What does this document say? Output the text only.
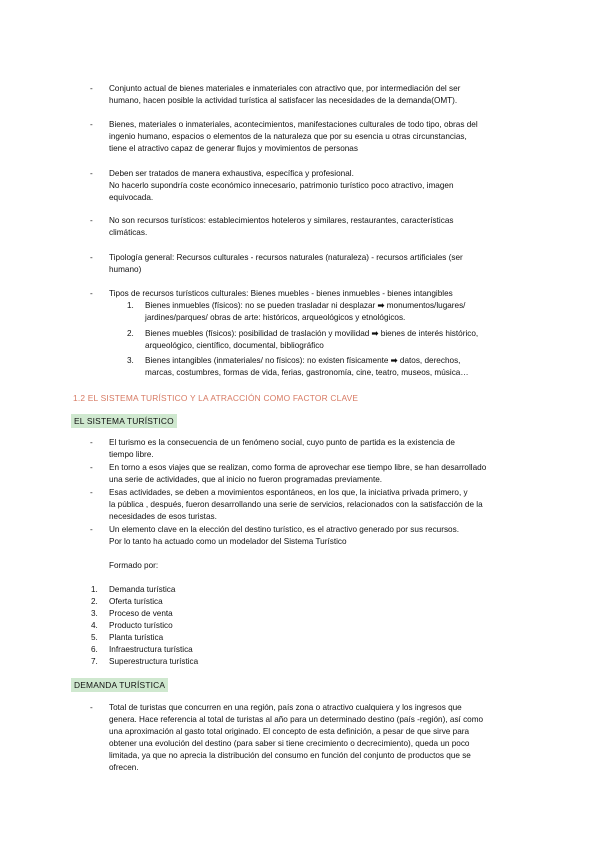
- Conjunto actual de bienes materiales e inmateriales con atractivo que, por intermediación del ser
humano, hacen posible la actividad turística al satisfacer las necesidades de la demanda(OMT).
- Bienes, materiales o inmateriales, acontecimientos, manifestaciones culturales de todo tipo, obras del
ingenio humano, espacios o elementos de la naturaleza que por su esencia u otras circunstancias,
tiene el atractivo capaz de generar flujos y movimientos de personas
- Deben ser tratados de manera exhaustiva, específica y profesional.
No hacerlo supondría coste económico innecesario, patrimonio turístico poco atractivo, imagen
equivocada.
- No son recursos turísticos: establecimientos hoteleros y similares, restaurantes, características
climáticas.
- Tipología general: Recursos culturales - recursos naturales (naturaleza) - recursos artificiales (ser
humano)
- Tipos de recursos turísticos culturales: Bienes muebles - bienes inmuebles - bienes intangibles
1. Bienes inmuebles (físicos): no se pueden trasladar ni desplazar ➡ monumentos/lugares/
jardines/parques/ obras de arte: históricos, arqueológicos y etnológicos.
2. Bienes muebles (físicos): posibilidad de traslación y movilidad ➡ bienes de interés histórico,
arqueológico, científico, documental, bibliográfico
3. Bienes intangibles (inmateriales/ no físicos): no existen físicamente ➡ datos, derechos,
marcas, costumbres, formas de vida, ferias, gastronomía, cine, teatro, museos, música…
1.2 EL SISTEMA TURÍSTICO Y LA ATRACCIÓN COMO FACTOR CLAVE
EL SISTEMA TURÍSTICO
- El turismo es la consecuencia de un fenómeno social, cuyo punto de partida es la existencia de
tiempo libre.
- En torno a esos viajes que se realizan, como forma de aprovechar ese tiempo libre, se han desarrollado
una serie de actividades, que al inicio no fueron programadas previamente.
- Esas actividades, se deben a movimientos espontáneos, en los que, la iniciativa privada primero, y
la pública , después, fueron desarrollando una serie de servicios, relacionados con la satisfacción de la
necesidades de esos turistas.
- Un elemento clave en la elección del destino turístico, es el atractivo generado por sus recursos.
Por lo tanto ha actuado como un modelador del Sistema Turístico
Formado por:
1. Demanda turística
2. Oferta turística
3. Proceso de venta
4. Producto turístico
5. Planta turística
6. Infraestructura turística
7. Superestructura turística
DEMANDA TURÍSTICA
- Total de turistas que concurren en una región, país zona o atractivo cualquiera y los ingresos que
genera. Hace referencia al total de turistas al año para un determinado destino (país -región), así como
una aproximación al gasto total originado. El concepto de esta definición, a pesar de que sirve para
obtener una evolución del destino (para saber si tiene crecimiento o decrecimiento), queda un poco
limitada, ya que no aprecia la distribución del consumo en función del conjunto de productos que se
ofrecen.
